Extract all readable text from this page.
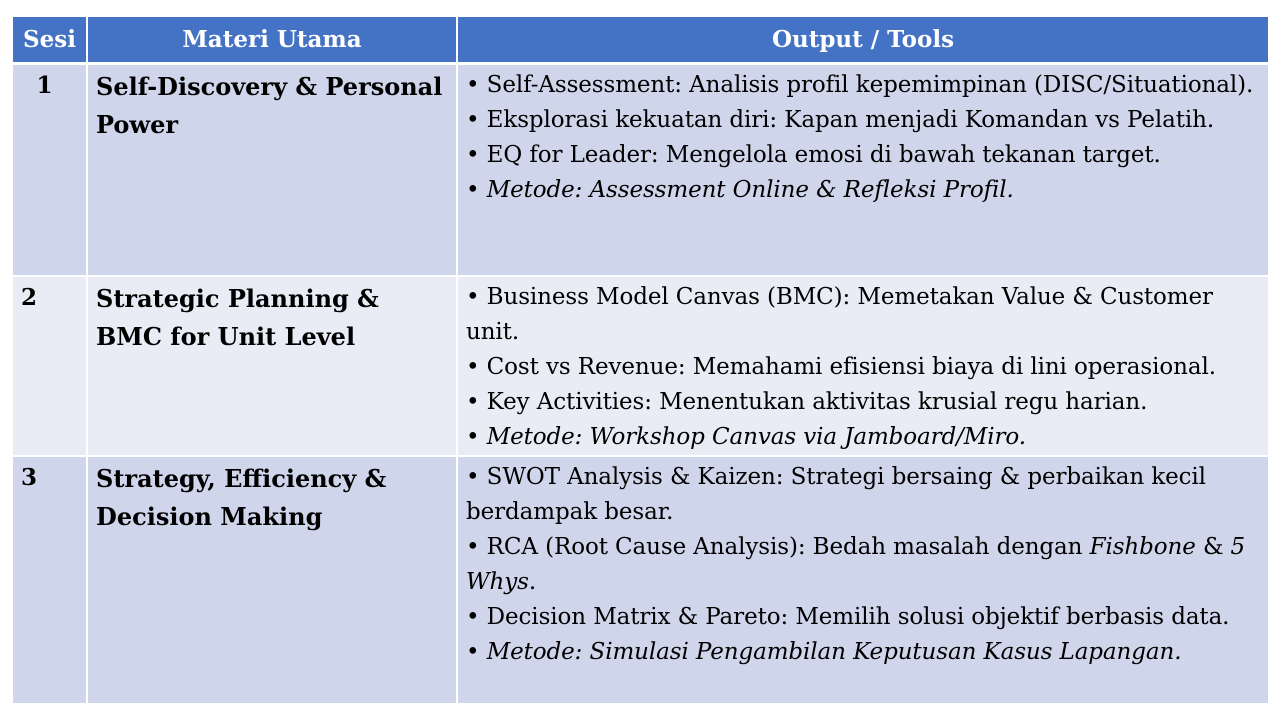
Sesi	Materi Utama	Output / Tools
1	Self-Discovery & Personal Power	• Self-Assessment: Analisis profil kepemimpinan (DISC/Situational).
• Eksplorasi kekuatan diri: Kapan menjadi Komandan vs Pelatih.
• EQ for Leader: Mengelola emosi di bawah tekanan target.
• Metode: Assessment Online & Refleksi Profil.

2	Strategic Planning & BMC for Unit Level	• Business Model Canvas (BMC): Memetakan Value & Customer unit.
• Cost vs Revenue: Memahami efisiensi biaya di lini operasional.
• Key Activities: Menentukan aktivitas krusial regu harian.
• Metode: Workshop Canvas via Jamboard/Miro.

3	Strategy, Efficiency & Decision Making	• SWOT Analysis & Kaizen: Strategi bersaing & perbaikan kecil berdampak besar.
• RCA (Root Cause Analysis): Bedah masalah dengan Fishbone & 5 Whys.
• Decision Matrix & Pareto: Memilih solusi objektif berbasis data.
• Metode: Simulasi Pengambilan Keputusan Kasus Lapangan.
